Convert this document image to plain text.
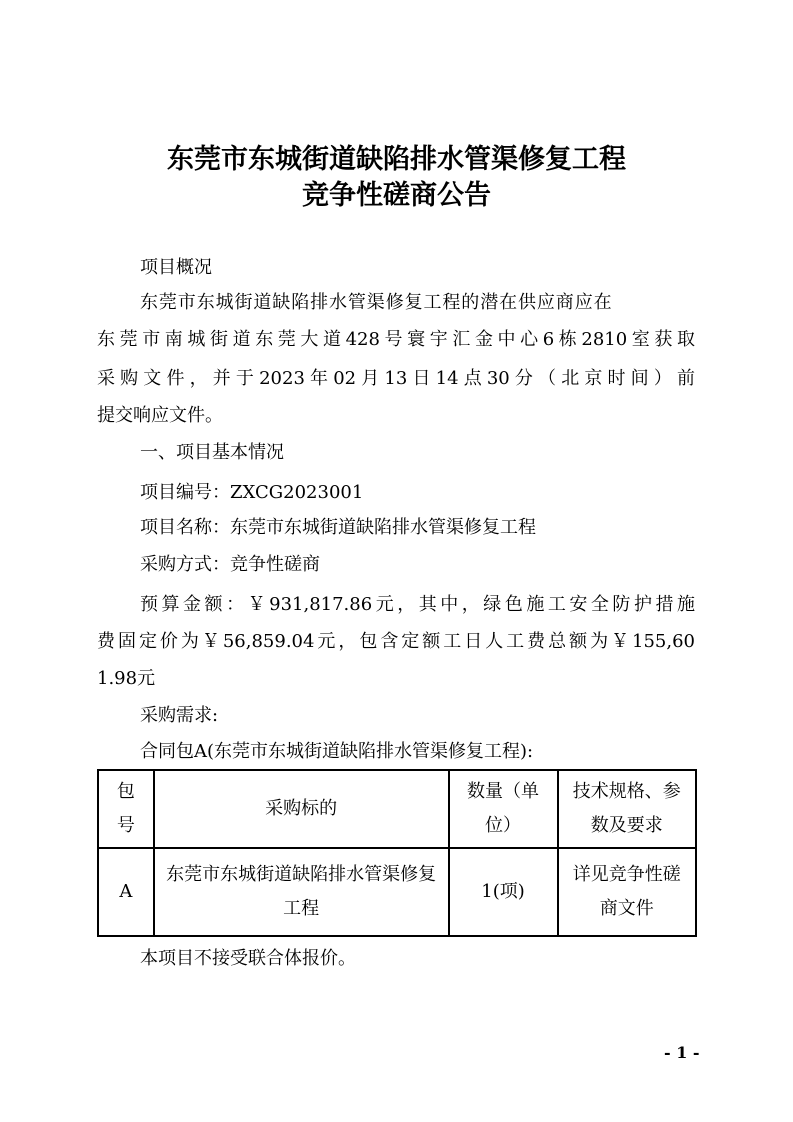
东莞市东城街道缺陷排水管渠修复工程
竞争性磋商公告
项目概况
东莞市东城街道缺陷排水管渠修复工程的潜在供应商应在
东莞市南城街道东莞大道428号寰宇汇金中心6栋2810室获取
采购文件，并于2023年02月13日14点30分（北京时间）前
提交响应文件。
一、项目基本情况
项目编号：ZXCG2023001
项目名称：东莞市东城街道缺陷排水管渠修复工程
采购方式：竞争性磋商
预算金额：￥931,817.86元，其中，绿色施工安全防护措施
费固定价为￥56,859.04元，包含定额工日人工费总额为￥155,60
1.98元
采购需求:
合同包A(东莞市东城街道缺陷排水管渠修复工程):
包号	采购标的	数量（单位）	技术规格、参数及要求
A	东莞市东城街道缺陷排水管渠修复工程	1(项)	详见竞争性磋商文件
本项目不接受联合体报价。
- 1 -
